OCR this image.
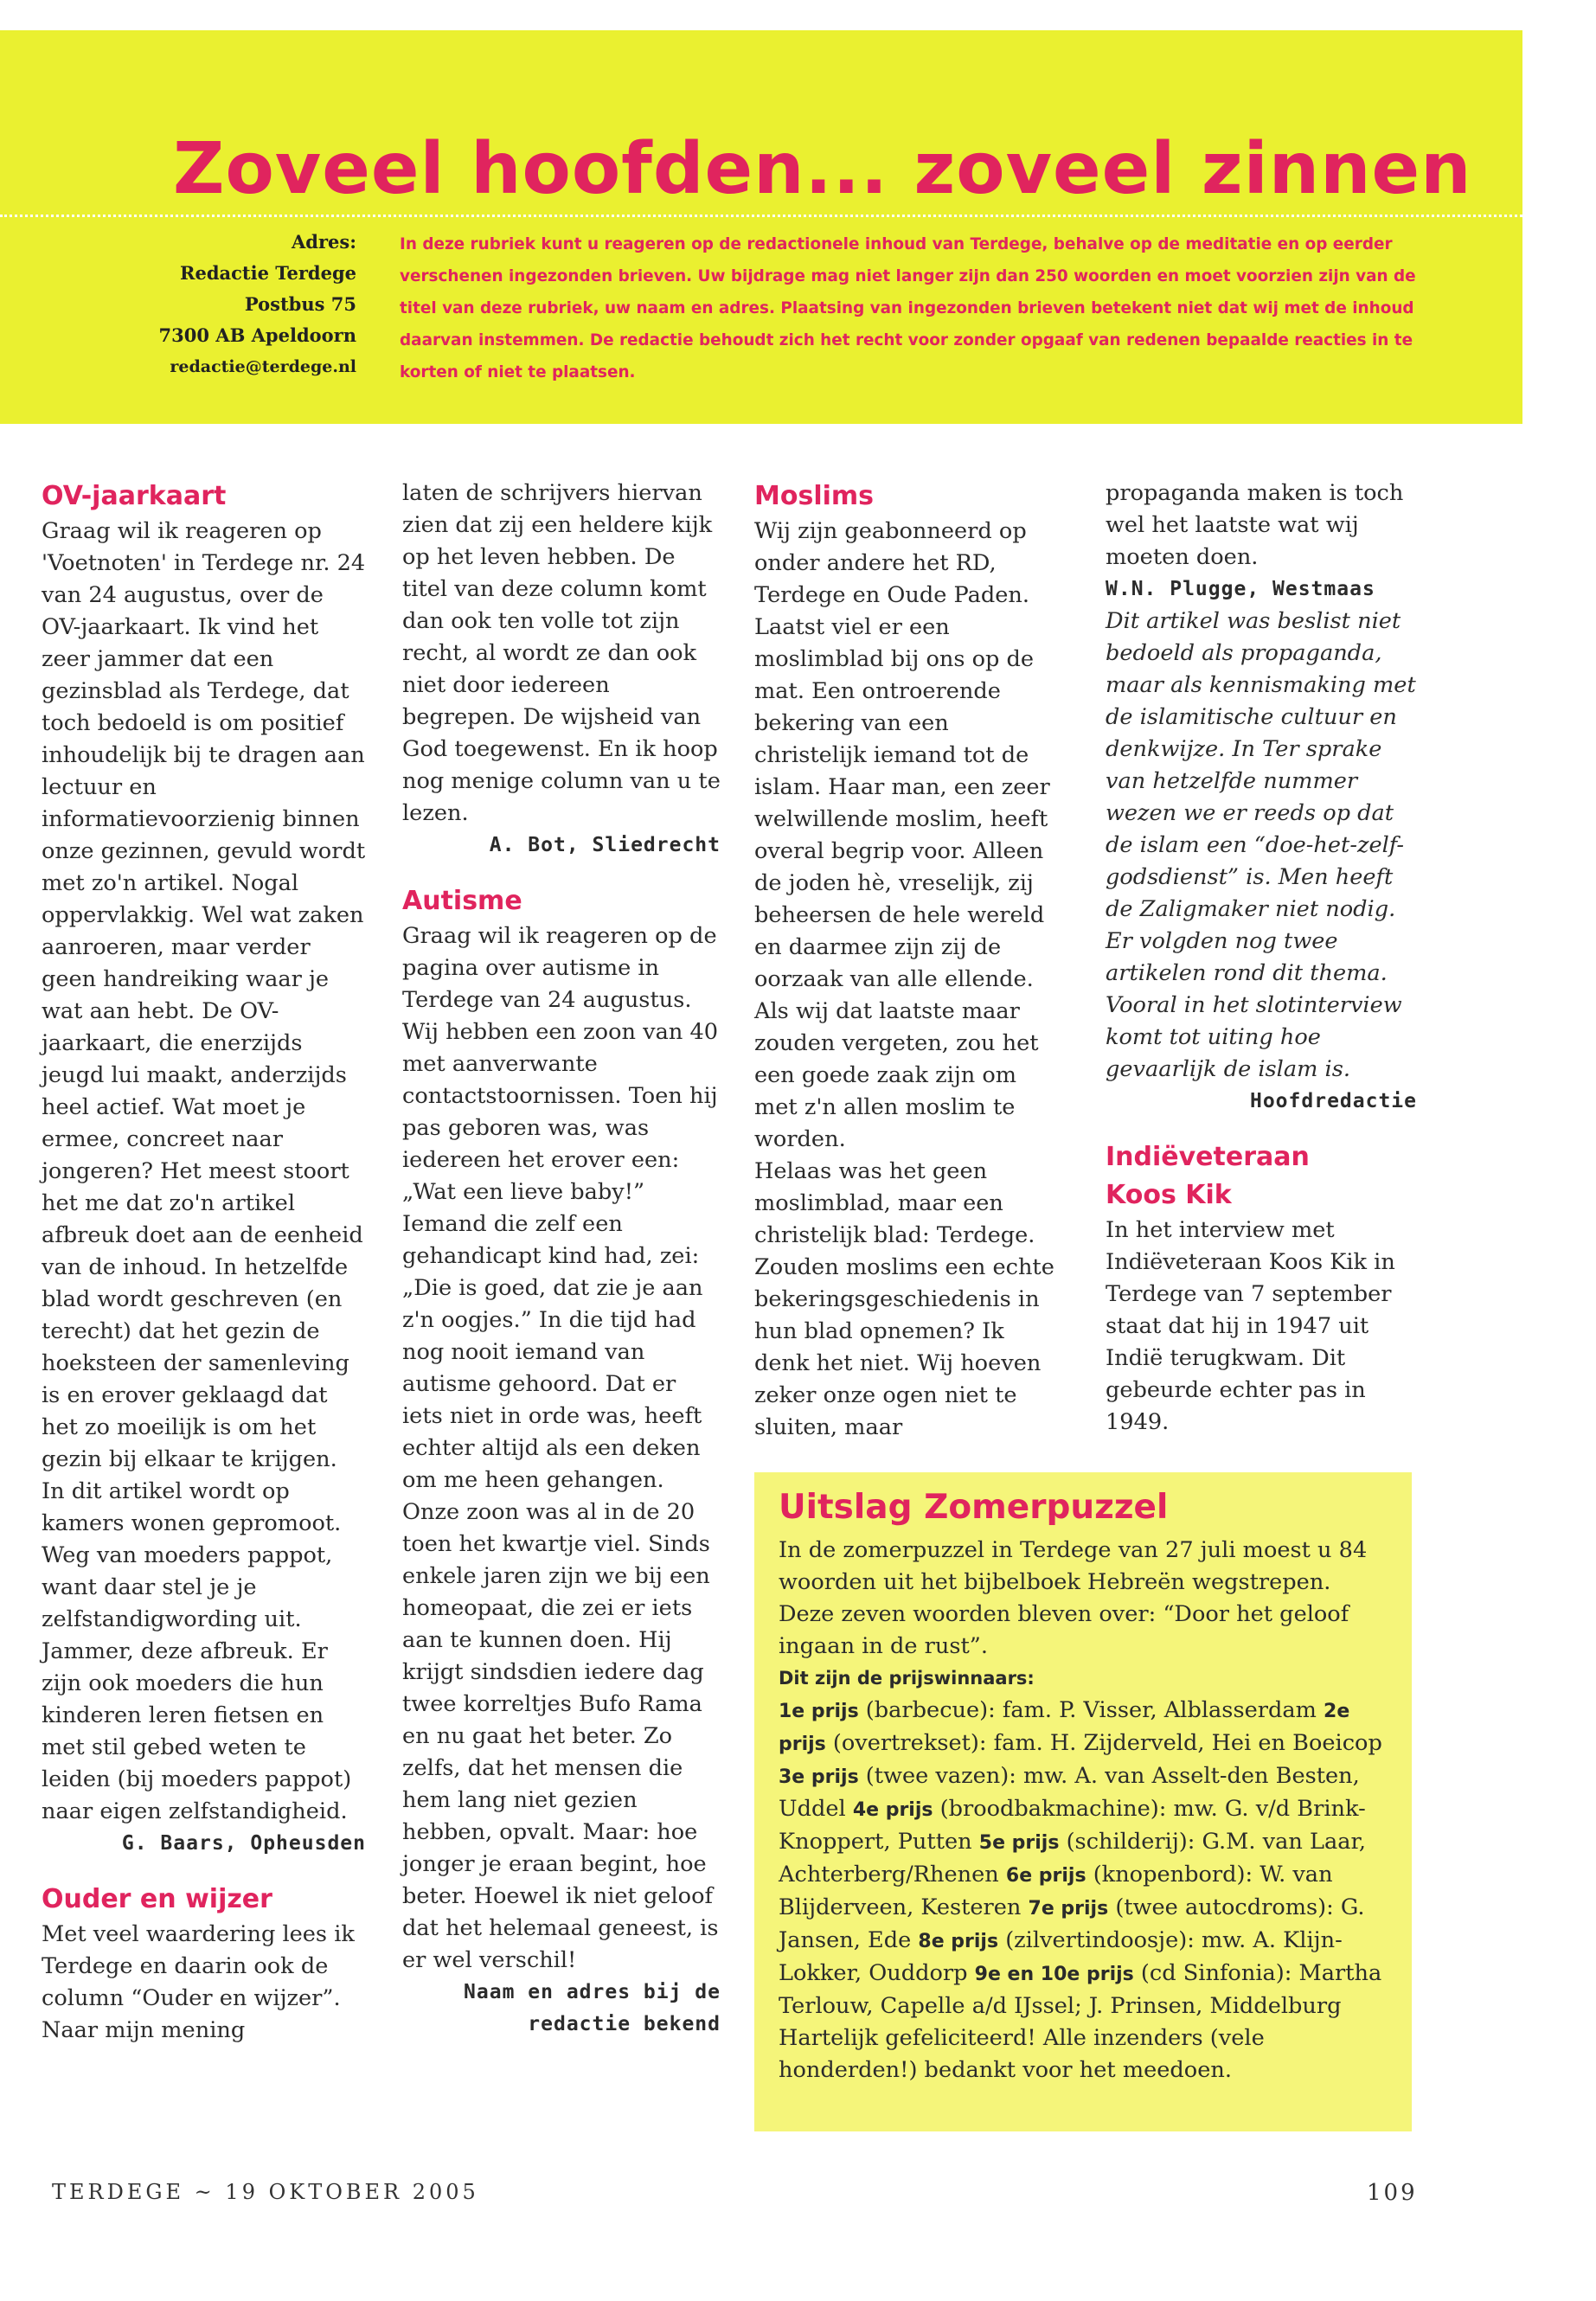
Zoveel hoofden... zoveel zinnen
Adres:
Redactie Terdege
Postbus 75
7300 AB Apeldoorn
redactie@terdege.nl

In deze rubriek kunt u reageren op de redactionele inhoud van Terdege, behalve op de meditatie en op eerder verschenen ingezonden brieven. Uw bijdrage mag niet langer zijn dan 250 woorden en moet voorzien zijn van de titel van deze rubriek, uw naam en adres. Plaatsing van ingezonden brieven betekent niet dat wij met de inhoud daarvan instemmen. De redactie behoudt zich het recht voor zonder opgaaf van redenen bepaalde reacties in te korten of niet te plaatsen.

OV-jaarkaart

Graag wil ik reageren op 'Voetnoten' in Terdege nr. 24 van 24 augustus, over de OV-jaarkaart. Ik vind het zeer jammer dat een gezinsblad als Terdege, dat toch bedoeld is om positief inhoudelijk bij te dragen aan lectuur en informatievoorzienig binnen onze gezinnen, gevuld wordt met zo'n artikel. Nogal oppervlakkig. Wel wat zaken aanroeren, maar verder geen handreiking waar je wat aan hebt. De OV-jaarkaart, die enerzijds jeugd lui maakt, anderzijds heel actief. Wat moet je ermee, concreet naar jongeren? Het meest stoort het me dat zo'n artikel afbreuk doet aan de eenheid van de inhoud. In hetzelfde blad wordt geschreven (en terecht) dat het gezin de hoeksteen der samenleving is en erover geklaagd dat het zo moeilijk is om het gezin bij elkaar te krijgen.

In dit artikel wordt op kamers wonen gepromoot. Weg van moeders pappot, want daar stel je je zelfstandigwording uit. Jammer, deze afbreuk. Er zijn ook moeders die hun kinderen leren fietsen en met stil gebed weten te leiden (bij moeders pappot) naar eigen zelfstandigheid.

G. Baars, Opheusden
Ouder en wijzer

Met veel waardering lees ik Terdege en daarin ook de column “Ouder en wijzer”. Naar mijn mening

laten de schrijvers hiervan zien dat zij een heldere kijk op het leven hebben. De titel van deze column komt dan ook ten volle tot zijn recht, al wordt ze dan ook niet door iedereen begrepen. De wijsheid van God toegewenst. En ik hoop nog menige column van u te lezen.

A. Bot, Sliedrecht
Autisme

Graag wil ik reageren op de pagina over autisme in Terdege van 24 augustus. Wij hebben een zoon van 40 met aanverwante contactstoornissen. Toen hij pas geboren was, was iedereen het erover een: „Wat een lieve baby!” Iemand die zelf een gehandicapt kind had, zei: „Die is goed, dat zie je aan z'n oogjes.” In die tijd had nog nooit iemand van autisme gehoord. Dat er iets niet in orde was, heeft echter altijd als een deken om me heen gehangen. Onze zoon was al in de 20 toen het kwartje viel. Sinds enkele jaren zijn we bij een homeopaat, die zei er iets aan te kunnen doen. Hij krijgt sindsdien iedere dag twee korreltjes Bufo Rama en nu gaat het beter. Zo zelfs, dat het mensen die hem lang niet gezien hebben, opvalt. Maar: hoe jonger je eraan begint, hoe beter. Hoewel ik niet geloof dat het helemaal geneest, is er wel verschil!

Naam en adres bij de redactie bekend
Moslims

Wij zijn geabonneerd op onder andere het RD, Terdege en Oude Paden. Laatst viel er een moslimblad bij ons op de mat. Een ontroerende bekering van een christelijk iemand tot de islam. Haar man, een zeer welwillende moslim, heeft overal begrip voor. Alleen de joden hè, vreselijk, zij beheersen de hele wereld en daarmee zijn zij de oorzaak van alle ellende. Als wij dat laatste maar zouden vergeten, zou het een goede zaak zijn om met z'n allen moslim te worden.

Helaas was het geen moslimblad, maar een christelijk blad: Terdege. Zouden moslims een echte bekeringsgeschiedenis in hun blad opnemen? Ik denk het niet. Wij hoeven zeker onze ogen niet te sluiten, maar

propaganda maken is toch wel het laatste wat wij moeten doen.

W.N. Plugge, Westmaas

Dit artikel was beslist niet bedoeld als propaganda, maar als kennismaking met de islamitische cultuur en denkwijze. In Ter sprake van hetzelfde nummer wezen we er reeds op dat de islam een “doe-het-zelf-godsdienst” is. Men heeft de Zaligmaker niet nodig. Er volgden nog twee artikelen rond dit thema. Vooral in het slotinterview komt tot uiting hoe gevaarlijk de islam is.

Hoofdredactie
Indiëveteraan
Koos Kik

In het interview met Indiëveteraan Koos Kik in Terdege van 7 september staat dat hij in 1947 uit Indië terugkwam. Dit gebeurde echter pas in 1949.

Uitslag Zomerpuzzel

In de zomerpuzzel in Terdege van 27 juli moest u 84 woorden uit het bijbelboek Hebreën wegstrepen. Deze zeven woorden bleven over: “Door het geloof ingaan in de rust”.

Dit zijn de prijswinnaars:

1e prijs (barbecue): fam. P. Visser, Alblasserdam 2e prijs (overtrekset): fam. H. Zijderveld, Hei en Boeicop 3e prijs (twee vazen): mw. A. van Asselt-den Besten, Uddel 4e prijs (broodbakmachine): mw. G. v/d Brink-Knoppert, Putten 5e prijs (schilderij): G.M. van Laar, Achterberg/Rhenen 6e prijs (knopenbord): W. van Blijderveen, Kesteren 7e prijs (twee autocdroms): G. Jansen, Ede 8e prijs (zilvertindoosje): mw. A. Klijn-Lokker, Ouddorp 9e en 10e prijs (cd Sinfonia): Martha Terlouw, Capelle a/d IJssel; J. Prinsen, Middelburg

Hartelijk gefeliciteerd! Alle inzenders (vele honderden!) bedankt voor het meedoen.

TERDEGE ~ 19 OKTOBER 2005	109
